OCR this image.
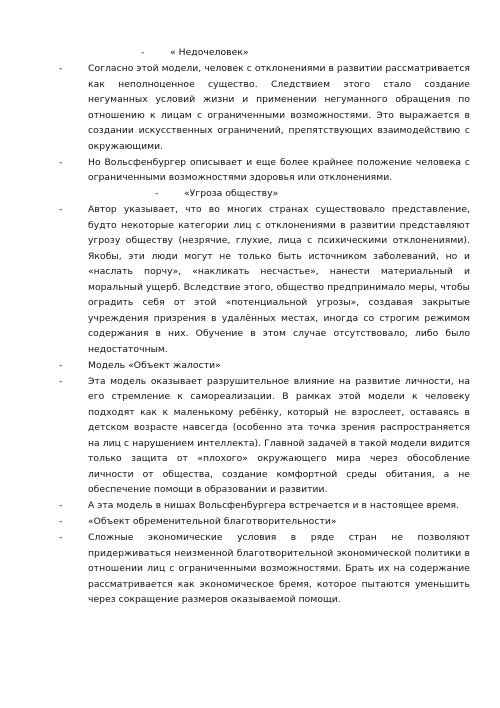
-	« Недочеловек»
-	Согласно этой модели, человек с отклонениями в развитии рассматривается как неполноценное существо. Следствием этого стало создание негуманных условий жизни и применении негуманного обращения по отношению к лицам с ограниченными возможностями. Это выражается в создании искусственных ограничений, препятствующих взаимодействию с окружающими.
-	Но Вольсфенбургер описывает и еще более крайнее положение человека с ограниченными возможностями здоровья или отклонениями.
-	«Угроза обществу»
-	Автор указывает, что во многих странах существовало представление, будто некоторые категории лиц с отклонениями в развитии представляют угрозу обществу (незрячие, глухие, лица с психическими отклонениями). Якобы, эти люди могут не только быть источником заболеваний, но и «наслать порчу», «накликать несчастье», нанести материальный и моральный ущерб. Вследствие этого, общество предпринимало меры, чтобы оградить себя от этой «потенциальной угрозы», создавая закрытые учреждения призрения в удалённых местах, иногда со строгим режимом содержания в них. Обучение в этом случае отсутствовало, либо было недостаточным.
-	Модель «Объект жалости»
-	Эта модель оказывает разрушительное влияние на развитие личности, на его стремление к самореализации. В рамках этой модели к человеку подходят как к маленькому ребёнку, который не взрослеет, оставаясь в детском возрасте навсегда (особенно эта точка зрения распространяется на лиц с нарушением интеллекта). Главной задачей в такой модели видится только защита от «плохого» окружающего мира через обособление личности от общества, создание комфортной среды обитания, а не обеспечение помощи в образовании и развитии.
-	А эта модель в нишах Вольсфенбургера встречается и в настоящее время.
-	«Объект обременительной благотворительности»
-	Сложные экономические условия в ряде стран не позволяют придерживаться неизменной благотворительной экономической политики в отношении лиц с ограниченными возможностями. Брать их на содержание рассматривается как экономическое бремя, которое пытаются уменьшить через сокращение размеров оказываемой помощи.
